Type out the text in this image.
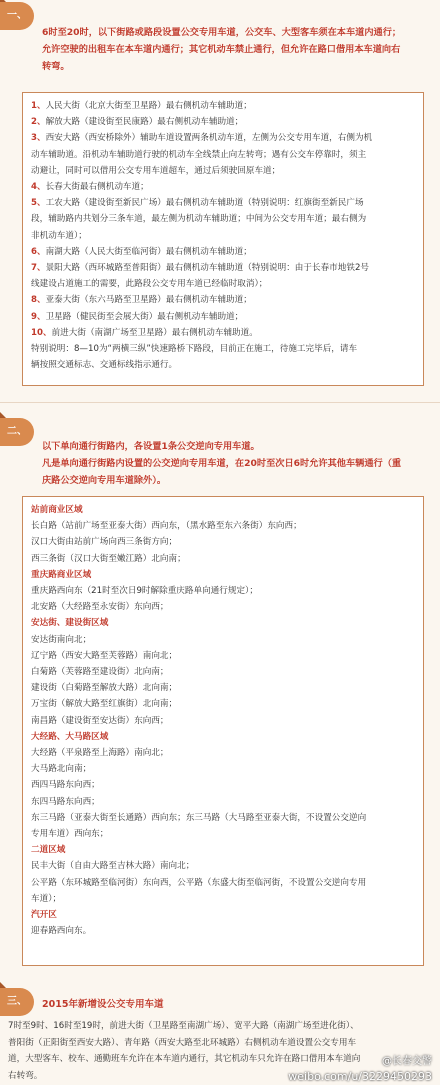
一、
6时至20时，以下街路或路段设置公交专用车道，公交车、大型客车须在本车道内通行；
允许空驶的出租车在本车道内通行；其它机动车禁止通行，但允许在路口借用本车道向右
转弯。

1、人民大街（北京大街至卫星路）最右侧机动车辅助道；

2、解放大路（建设街至民康路）最右侧机动车辅助道；

3、西安大路（西安桥除外）辅助车道设置两条机动车道，左侧为公交专用车道，右侧为机

动车辅助道。沿机动车辅助道行驶的机动车全线禁止向左转弯；遇有公交车停靠时，须主

动避让，同时可以借用公交专用车道超车，通过后须驶回原车道；

4、长春大街最右侧机动车道；

5、工农大路（建设街至新民广场）最右侧机动车辅助道（特别说明：红旗街至新民广场

段，辅助路内共划分三条车道，最左侧为机动车辅助道；中间为公交专用车道；最右侧为

非机动车道）；

6、南湖大路（人民大街至临河街）最右侧机动车辅助道；

7、景阳大路（西环城路至普阳街）最右侧机动车辅助道（特别说明：由于长春市地铁2号

线建设占道施工的需要，此路段公交专用车道已经临时取消）；

8、亚泰大街（东六马路至卫星路）最右侧机动车辅助道；

9、卫星路（健民街至会展大街）最右侧机动车辅助道；

10、前进大街（南湖广场至卫星路）最右侧机动车辅助道。

特别说明：8—10为“两横三纵”快速路桥下路段，目前正在施工，待施工完毕后，请车

辆按照交通标志、交通标线指示通行。

二、
以下单向通行街路内，各设置1条公交逆向专用车道。
凡是单向通行街路内设置的公交逆向专用车道，在20时至次日6时允许其他车辆通行（重
庆路公交逆向专用车道除外）。

站前商业区域

长白路（站前广场至亚泰大街）西向东，（黑水路至东六条街）东向西；

汉口大街由站前广场向西三条街方向；

西三条街（汉口大街至嫩江路）北向南；

重庆路商业区域

重庆路西向东（21时至次日9时解除重庆路单向通行规定）；

北安路（大经路至永安街）东向西；

安达街、建设街区域

安达街南向北；

辽宁路（西安大路至芙蓉路）南向北；

白菊路（芙蓉路至建设街）北向南；

建设街（白菊路至解放大路）北向南；

万宝街（解放大路至红旗街）北向南；

南昌路（建设街至安达街）东向西；

大经路、大马路区域

大经路（平泉路至上海路）南向北；

大马路北向南；

西四马路东向西；

东四马路东向西；

东三马路（亚泰大街至长通路）西向东；东三马路（大马路至亚泰大街，不设置公交逆向

专用车道）西向东；

二道区域

民丰大街（自由大路至吉林大路）南向北；

公平路（东环城路至临河街）东向西，公平路（东盛大街至临河街，不设置公交逆向专用

车道）；

汽开区

迎春路西向东。

三、	2015年新增设公交专用车道
7时至9时、16时至19时，前进大街（卫星路至南湖广场）、宽平大路（南湖广场至进化街）、
普阳街（正阳街至西安大路）、青年路（西安大路至北环城路）右侧机动车道设置公交专用车
道，大型客车、校车、通勤班车允许在本车道内通行，其它机动车只允许在路口借用本车道向
右转弯。
@长春交警
weibo.com/u/3229450293
